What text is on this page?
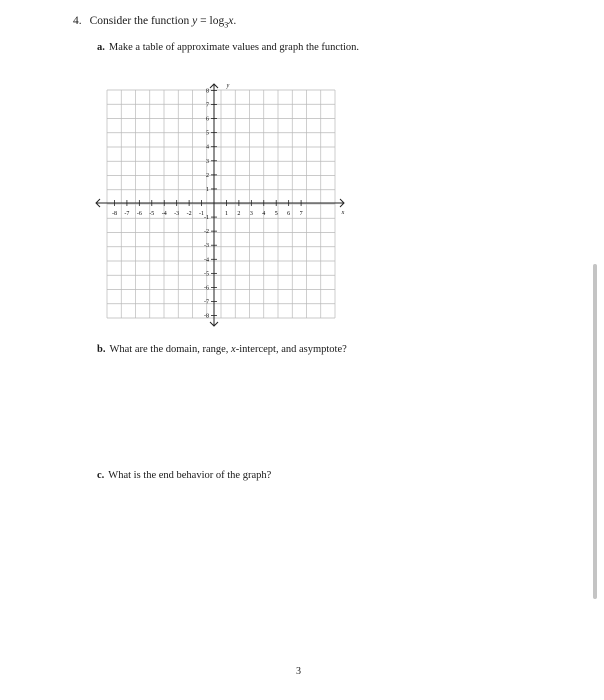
4. Consider the function $y = \log_3x$.
a. Make a table of approximate values and graph the function.
-8 -7 -6 -5 -4 -3 -2 -1	1 2 3 4 5 6 7
1
2
3
4
5
6
7
8
-1
-2
-3
-4
-5
-6
-7
-8
x
y
b. What are the domain, range, x-intercept, and asymptote?
c. What is the end behavior of the graph?
3
